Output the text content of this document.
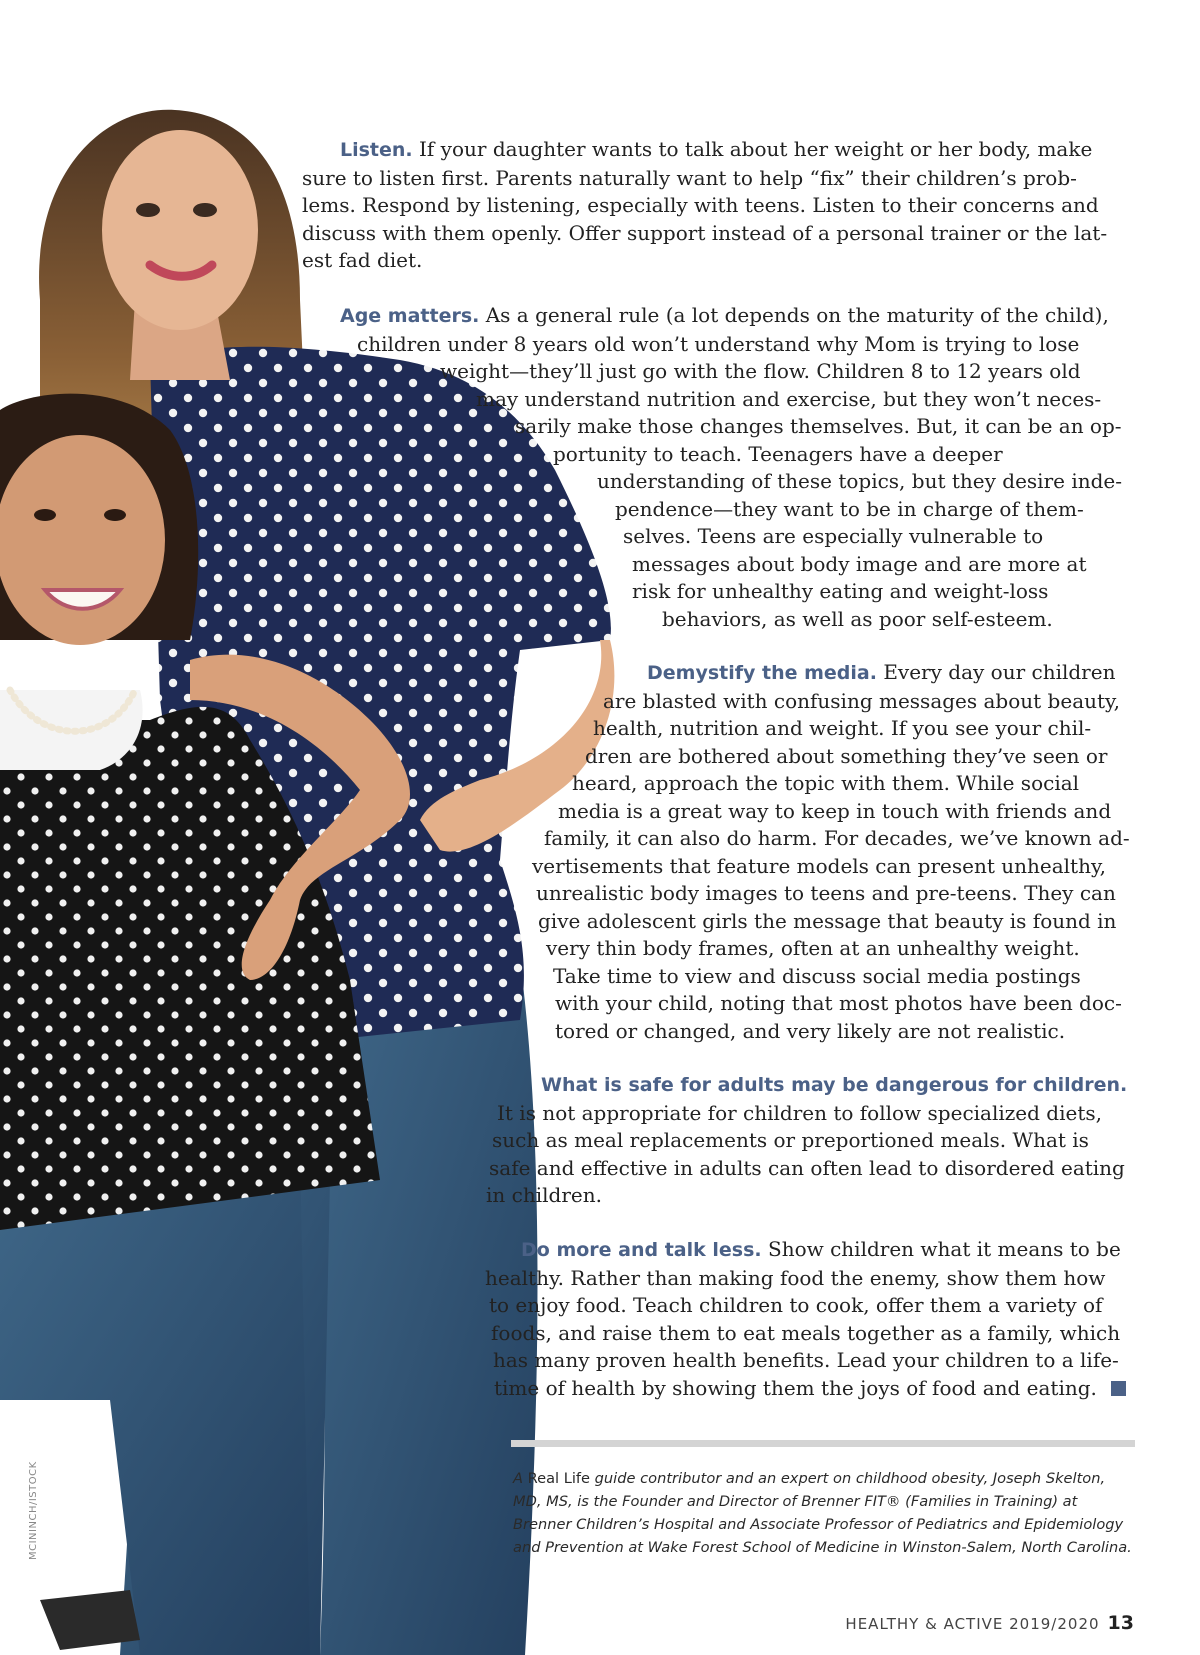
Listen. If your daughter wants to talk about her weight or her body, make
sure to listen first. Parents naturally want to help “fix” their children’s prob-
lems. Respond by listening, especially with teens. Listen to their concerns and
discuss with them openly. Offer support instead of a personal trainer or the lat-
est fad diet.

Age matters. As a general rule (a lot depends on the maturity of the child),
children under 8 years old won’t understand why Mom is trying to lose
weight—they’ll just go with the flow. Children 8 to 12 years old
may understand nutrition and exercise, but they won’t neces-
sarily make those changes themselves. But, it can be an op-
portunity to teach. Teenagers have a deeper
understanding of these topics, but they desire inde-
pendence—they want to be in charge of them-
selves. Teens are especially vulnerable to
messages about body image and are more at
risk for unhealthy eating and weight-loss
behaviors, as well as poor self-esteem.

Demystify the media. Every day our children
are blasted with confusing messages about beauty,
health, nutrition and weight. If you see your chil-
dren are bothered about something they’ve seen or
heard, approach the topic with them. While social
media is a great way to keep in touch with friends and
family, it can also do harm. For decades, we’ve known ad-
vertisements that feature models can present unhealthy,
unrealistic body images to teens and pre-teens. They can
give adolescent girls the message that beauty is found in
very thin body frames, often at an unhealthy weight.
Take time to view and discuss social media postings
with your child, noting that most photos have been doc-
tored or changed, and very likely are not realistic.

What is safe for adults may be dangerous for children.
It is not appropriate for children to follow specialized diets,
such as meal replacements or preportioned meals. What is
safe and effective in adults can often lead to disordered eating
in children.

Do more and talk less. Show children what it means to be
healthy. Rather than making food the enemy, show them how
to enjoy food. Teach children to cook, offer them a variety of
foods, and raise them to eat meals together as a family, which
has many proven health benefits. Lead your children to a life-
time of health by showing them the joys of food and eating.

A Real Life guide contributor and an expert on childhood obesity, Joseph Skelton,
MD, MS, is the Founder and Director of Brenner FIT® (Families in Training) at
Brenner Children’s Hospital and Associate Professor of Pediatrics and Epidemiology
and Prevention at Wake Forest School of Medicine in Winston-Salem, North Carolina.

MCININCH/ISTOCK
HEALTHY & ACTIVE 2019/2020 13
